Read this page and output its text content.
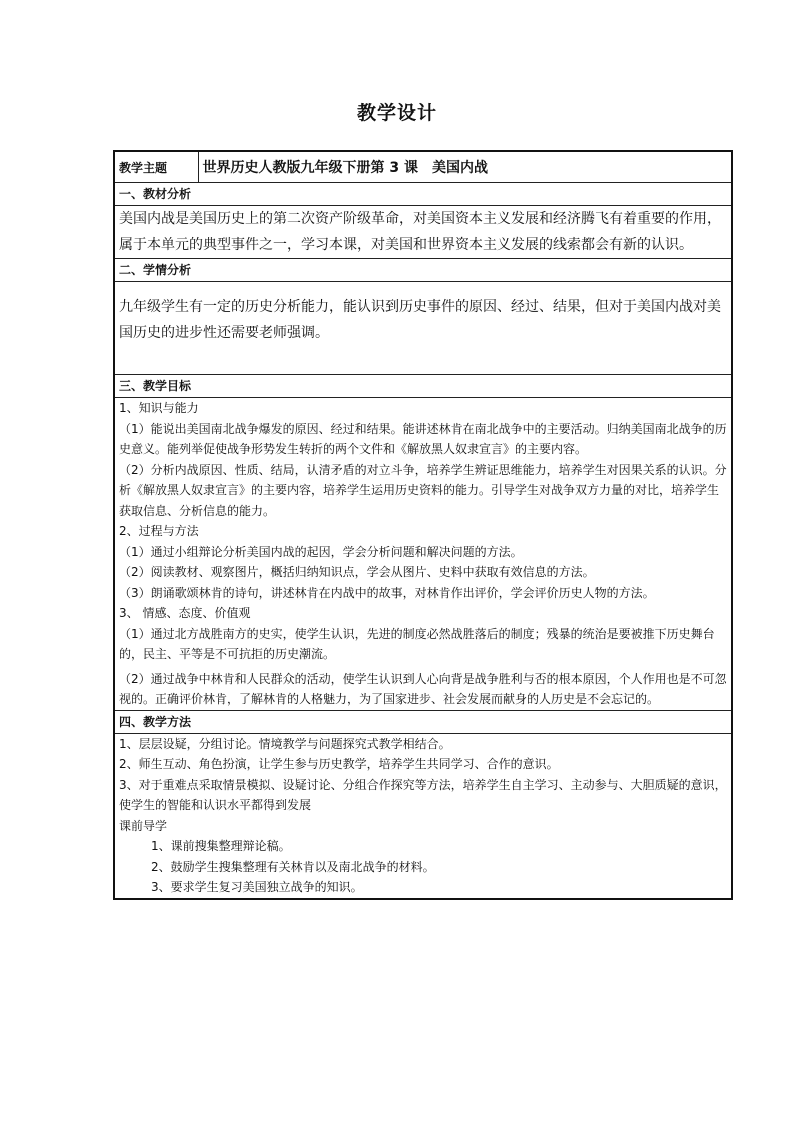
教学设计
教学主题	世界历史人教版九年级下册第 3 课　美国内战
一、教材分析
美国内战是美国历史上的第二次资产阶级革命，对美国资本主义发展和经济腾飞有着重要的作用，属于本单元的典型事件之一，学习本课，对美国和世界资本主义发展的线索都会有新的认识。
二、学情分析
九年级学生有一定的历史分析能力，能认识到历史事件的原因、经过、结果，但对于美国内战对美国历史的进步性还需要老师强调。
三、教学目标

1、知识与能力

（1）能说出美国南北战争爆发的原因、经过和结果。能讲述林肯在南北战争中的主要活动。归纳美国南北战争的历史意义。能列举促使战争形势发生转折的两个文件和《解放黑人奴隶宣言》的主要内容。

（2）分析内战原因、性质、结局，认清矛盾的对立斗争，培养学生辨证思维能力，培养学生对因果关系的认识。分析《解放黑人奴隶宣言》的主要内容，培养学生运用历史资料的能力。引导学生对战争双方力量的对比，培养学生获取信息、分析信息的能力。

2、过程与方法

（1）通过小组辩论分析美国内战的起因，学会分析问题和解决问题的方法。

（2）阅读教材、观察图片，概括归纳知识点，学会从图片、史料中获取有效信息的方法。

（3）朗诵歌颂林肯的诗句，讲述林肯在内战中的故事，对林肯作出评价，学会评价历史人物的方法。

3、 情感、态度、价值观

（1）通过北方战胜南方的史实，使学生认识，先进的制度必然战胜落后的制度；残暴的统治是要被推下历史舞台的，民主、平等是不可抗拒的历史潮流。

（2）通过战争中林肯和人民群众的活动，使学生认识到人心向背是战争胜利与否的根本原因，个人作用也是不可忽视的。正确评价林肯，了解林肯的人格魅力，为了国家进步、社会发展而献身的人历史是不会忘记的。

四、教学方法

1、层层设疑，分组讨论。情境教学与问题探究式教学相结合。

2、师生互动、角色扮演，让学生参与历史教学，培养学生共同学习、合作的意识。

3、对于重难点采取情景模拟、设疑讨论、分组合作探究等方法，培养学生自主学习、主动参与、大胆质疑的意识，使学生的智能和认识水平都得到发展

课前导学

1、课前搜集整理辩论稿。

2、鼓励学生搜集整理有关林肯以及南北战争的材料。

3、要求学生复习美国独立战争的知识。
